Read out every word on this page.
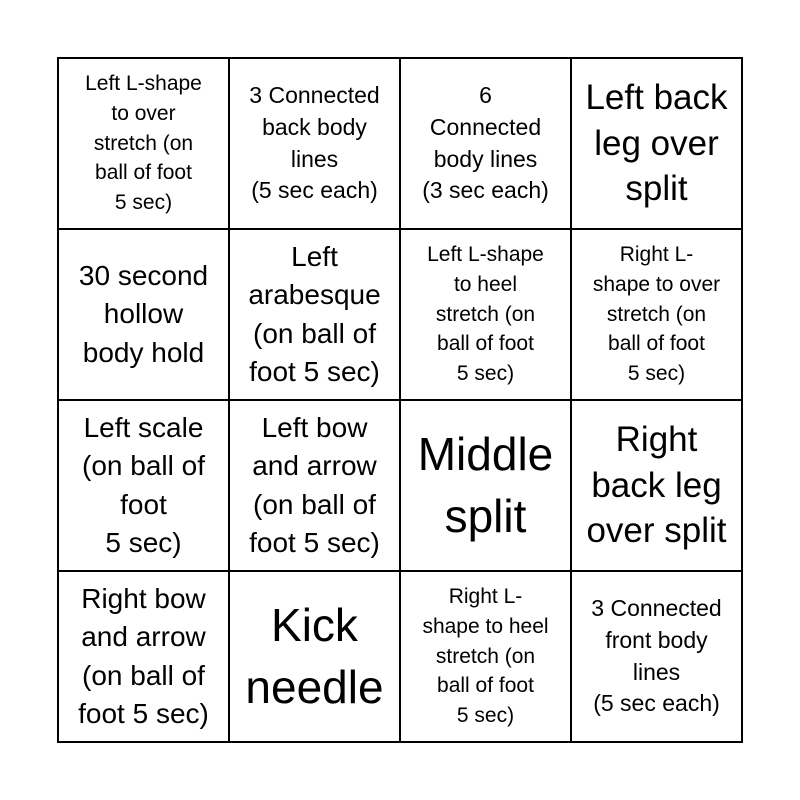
Left L-shape
to over
stretch (on
ball of foot
5 sec)
3 Connected
back body
lines
(5 sec each)
6
Connected
body lines
(3 sec each)
Left back
leg over
split
30 second
hollow
body hold
Left
arabesque
(on ball of
foot 5 sec)
Left L-shape
to heel
stretch (on
ball of foot
5 sec)
Right L-
shape to over
stretch (on
ball of foot
5 sec)
Left scale
(on ball of
foot
5 sec)
Left bow
and arrow
(on ball of
foot 5 sec)
Middle
split
Right
back leg
over split
Right bow
and arrow
(on ball of
foot 5 sec)
Kick
needle
Right L-
shape to heel
stretch (on
ball of foot
5 sec)
3 Connected
front body
lines
(5 sec each)
